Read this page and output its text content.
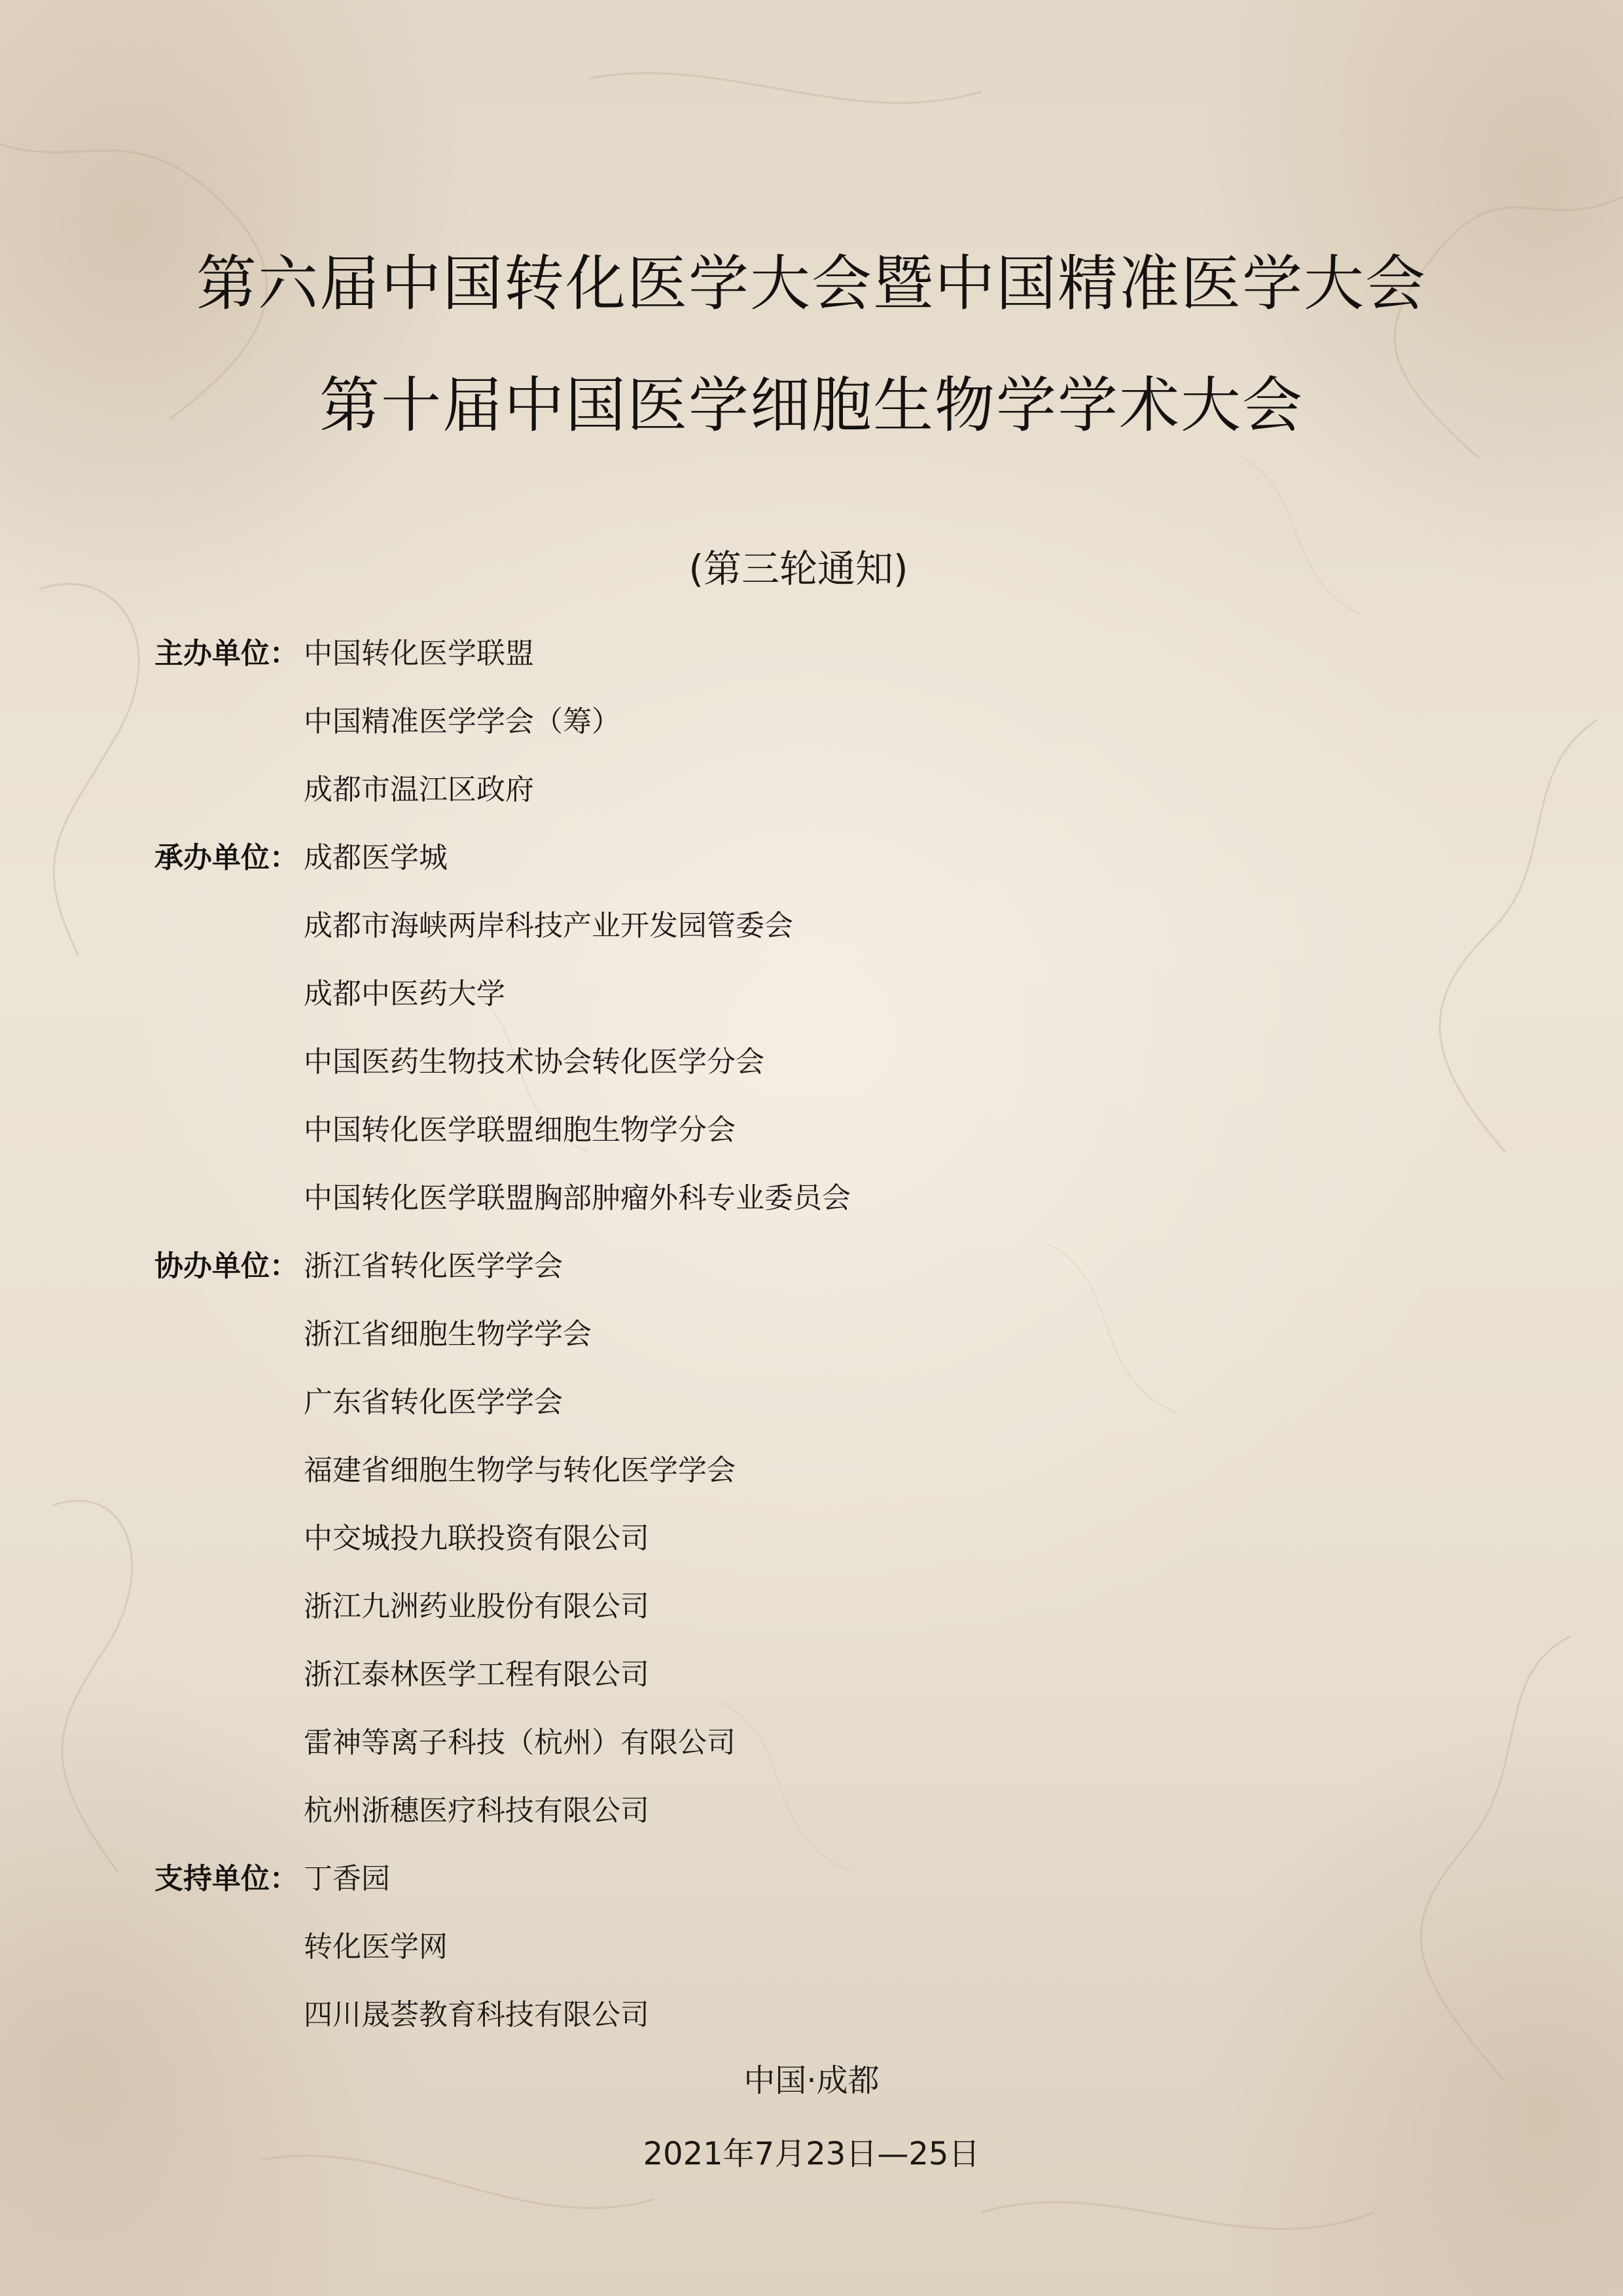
第六届中国转化医学大会暨中国精准医学大会
第十届中国医学细胞生物学学术大会
(第三轮通知)
主办单位： 中国转化医学联盟
中国精准医学学会（筹）
成都市温江区政府
承办单位： 成都医学城
成都市海峡两岸科技产业开发园管委会
成都中医药大学
中国医药生物技术协会转化医学分会
中国转化医学联盟细胞生物学分会
中国转化医学联盟胸部肿瘤外科专业委员会
协办单位： 浙江省转化医学学会
浙江省细胞生物学学会
广东省转化医学学会
福建省细胞生物学与转化医学学会
中交城投九联投资有限公司
浙江九洲药业股份有限公司
浙江泰林医学工程有限公司
雷神等离子科技（杭州）有限公司
杭州浙穗医疗科技有限公司
支持单位： 丁香园
转化医学网
四川晟荟教育科技有限公司
中国·成都
2021年7月23日—25日
